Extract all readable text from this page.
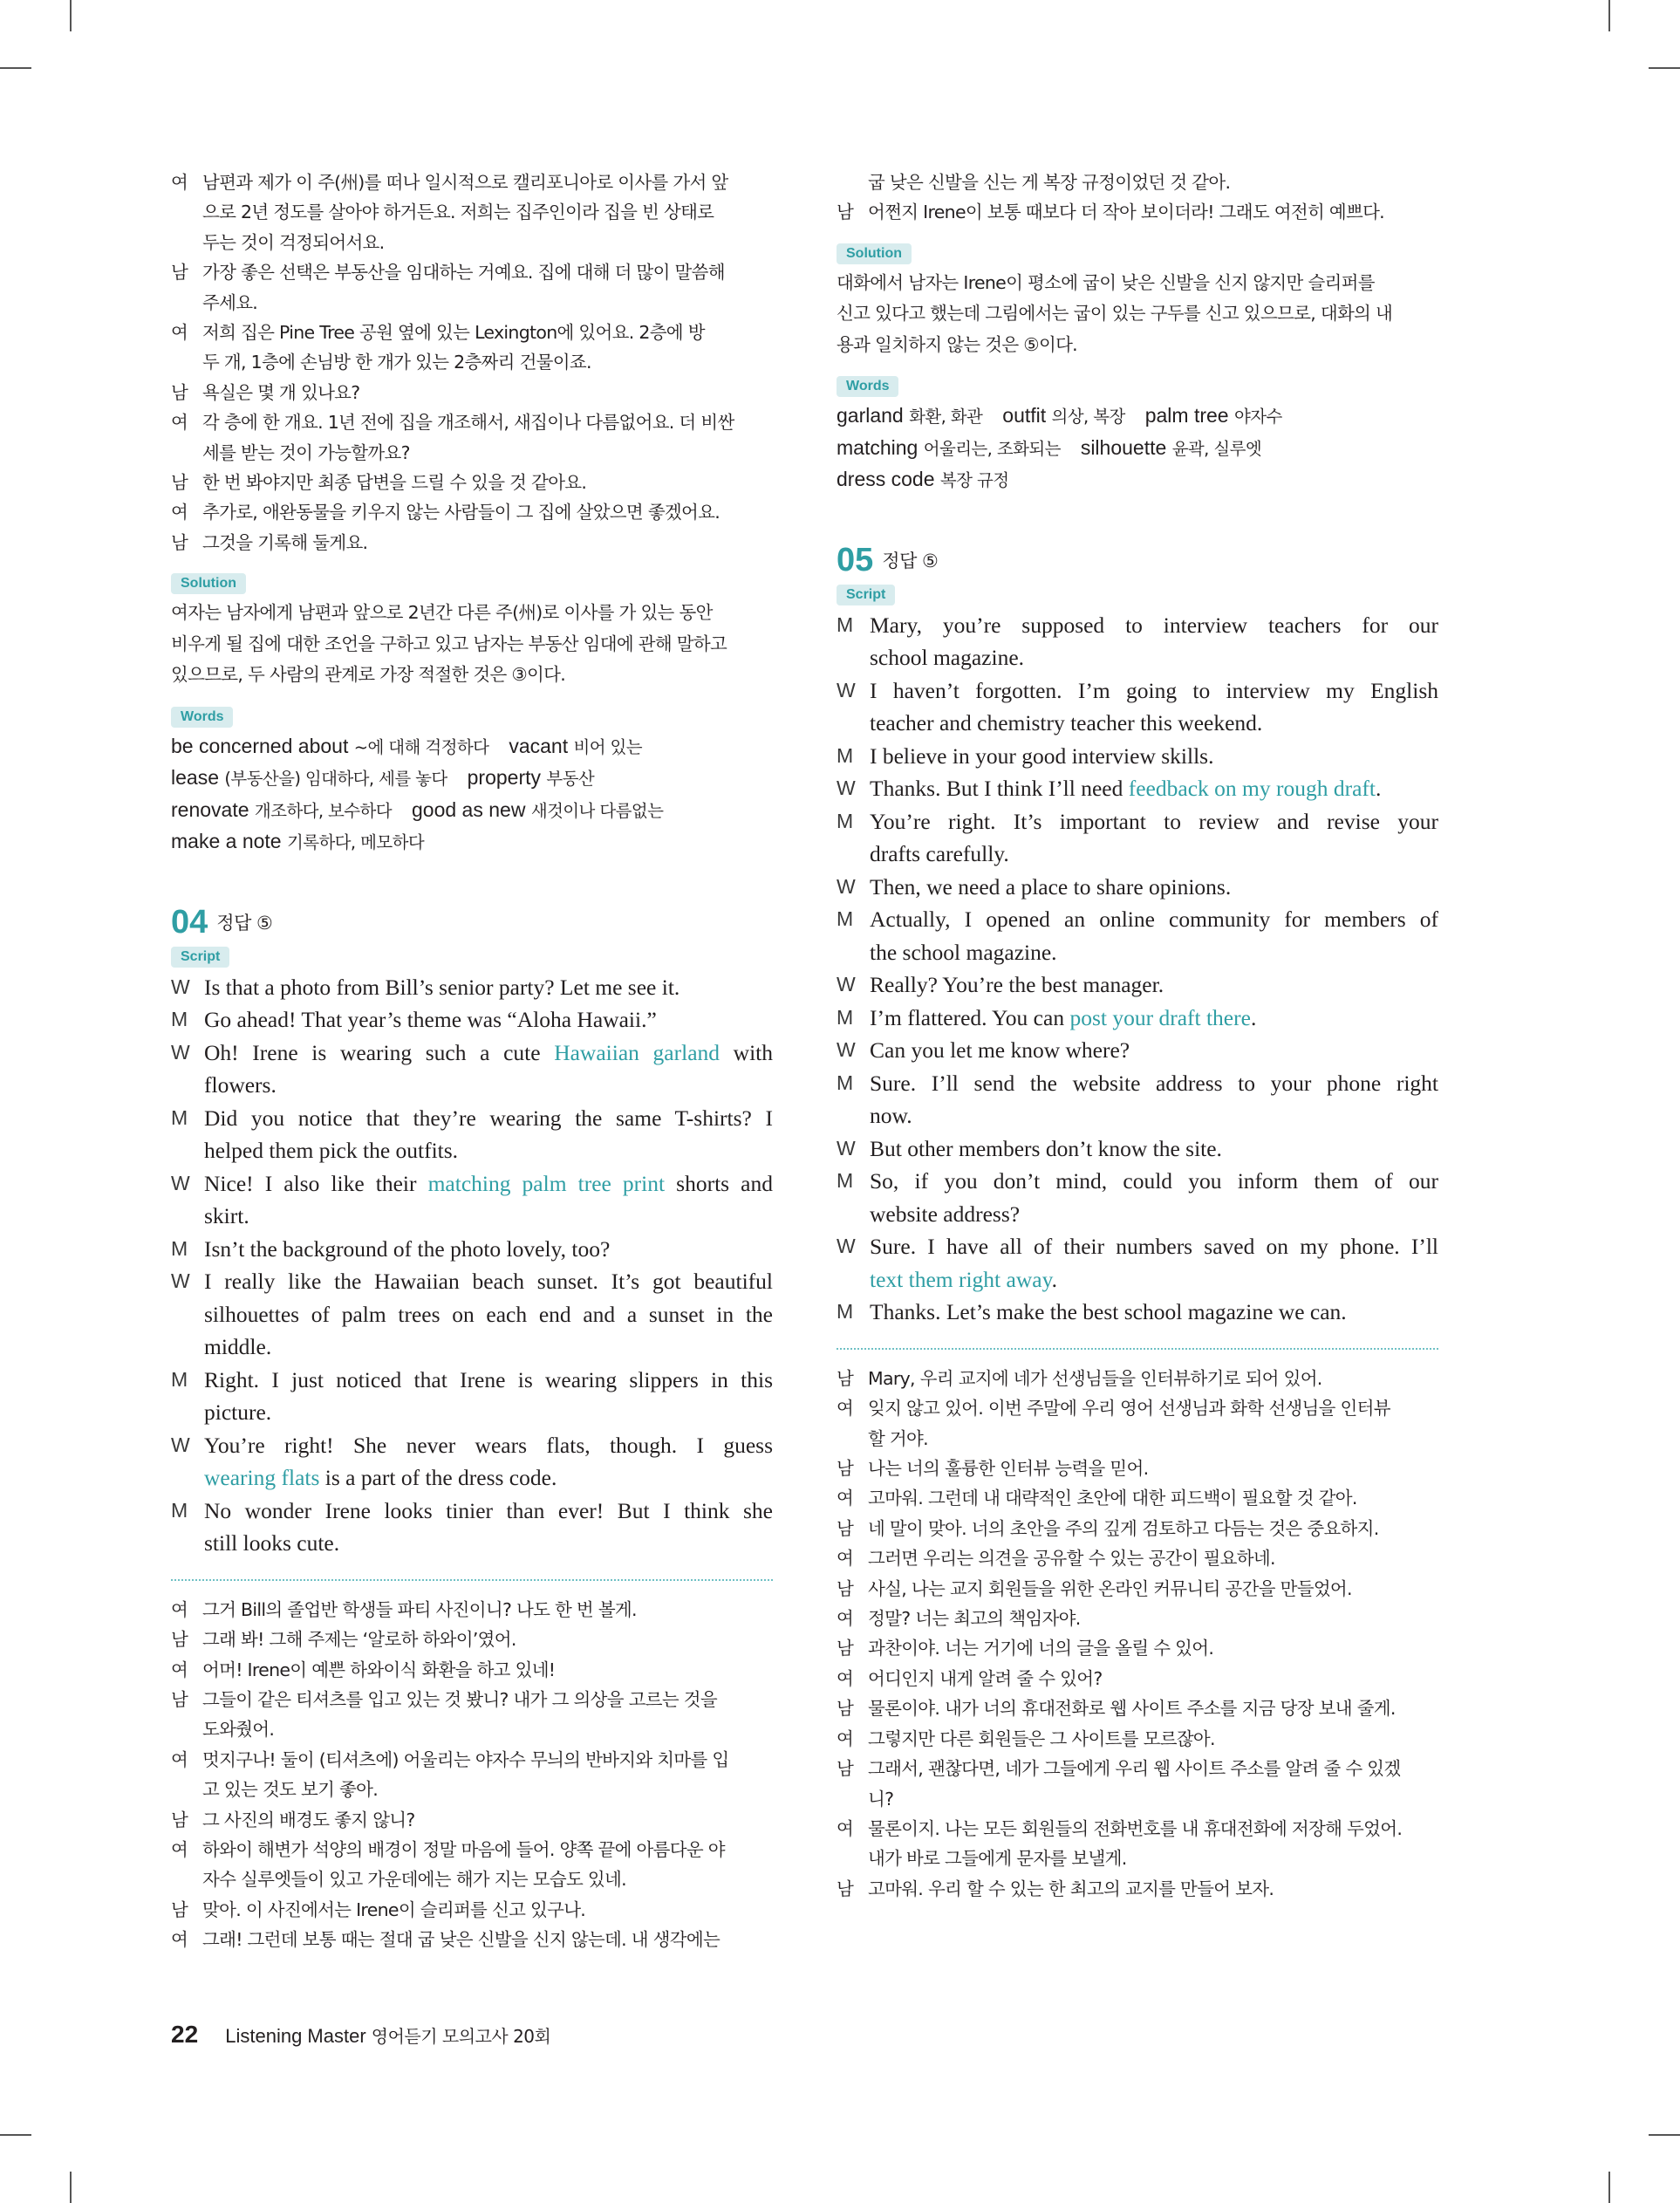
여 남편과 제가 이 주(州)를 떠나 일시적으로 캘리포니아로 이사를 가서 앞
으로 2년 정도를 살아야 하거든요. 저희는 집주인이라 집을 빈 상태로
두는 것이 걱정되어서요.
남 가장 좋은 선택은 부동산을 임대하는 거예요. 집에 대해 더 많이 말씀해
주세요.
여 저희 집은 Pine Tree 공원 옆에 있는 Lexington에 있어요. 2층에 방
두 개, 1층에 손님방 한 개가 있는 2층짜리 건물이죠.
남 욕실은 몇 개 있나요?
여 각 층에 한 개요. 1년 전에 집을 개조해서, 새집이나 다름없어요. 더 비싼
세를 받는 것이 가능할까요?
남 한 번 봐야지만 최종 답변을 드릴 수 있을 것 같아요.
여 추가로, 애완동물을 키우지 않는 사람들이 그 집에 살았으면 좋겠어요.
남 그것을 기록해 둘게요.
Solution
여자는 남자에게 남편과 앞으로 2년간 다른 주(州)로 이사를 가 있는 동안
비우게 될 집에 대한 조언을 구하고 있고 남자는 부동산 임대에 관해 말하고
있으므로, 두 사람의 관계로 가장 적절한 것은 ③이다.
Words
be concerned about ~에 대해 걱정하다  vacant 비어 있는
lease (부동산을) 임대하다, 세를 놓다  property 부동산
renovate 개조하다, 보수하다  good as new 새것이나 다름없는
make a note 기록하다, 메모하다
04 정답 ⑤
Script
W Is that a photo from Bill’s senior party? Let me see it.
M Go ahead! That year’s theme was “Aloha Hawaii.”
W Oh! Irene is wearing such a cute Hawaiian garland with
flowers.
M Did you notice that they’re wearing the same T-shirts? I
helped them pick the outfits.
W Nice! I also like their matching palm tree print shorts and
skirt.
M Isn’t the background of the photo lovely, too?
W I really like the Hawaiian beach sunset. It’s got beautiful
silhouettes of palm trees on each end and a sunset in the
middle.
M Right. I just noticed that Irene is wearing slippers in this
picture.
W You’re right! She never wears flats, though. I guess
wearing flats is a part of the dress code.
M No wonder Irene looks tinier than ever! But I think she
still looks cute.
여 그거 Bill의 졸업반 학생들 파티 사진이니? 나도 한 번 볼게.
남 그래 봐! 그해 주제는 ‘알로하 하와이’였어.
여 어머! Irene이 예쁜 하와이식 화환을 하고 있네!
남 그들이 같은 티셔츠를 입고 있는 것 봤니? 내가 그 의상을 고르는 것을
도와줬어.
여 멋지구나! 둘이 (티셔츠에) 어울리는 야자수 무늬의 반바지와 치마를 입
고 있는 것도 보기 좋아.
남 그 사진의 배경도 좋지 않니?
여 하와이 해변가 석양의 배경이 정말 마음에 들어. 양쪽 끝에 아름다운 야
자수 실루엣들이 있고 가운데에는 해가 지는 모습도 있네.
남 맞아. 이 사진에서는 Irene이 슬리퍼를 신고 있구나.
여 그래! 그런데 보통 때는 절대 굽 낮은 신발을 신지 않는데. 내 생각에는
굽 낮은 신발을 신는 게 복장 규정이었던 것 같아.
남 어쩐지 Irene이 보통 때보다 더 작아 보이더라! 그래도 여전히 예쁘다.
Solution
대화에서 남자는 Irene이 평소에 굽이 낮은 신발을 신지 않지만 슬리퍼를
신고 있다고 했는데 그림에서는 굽이 있는 구두를 신고 있으므로, 대화의 내
용과 일치하지 않는 것은 ⑤이다.
Words
garland 화환, 화관  outfit 의상, 복장  palm tree 야자수
matching 어울리는, 조화되는  silhouette 윤곽, 실루엣
dress code 복장 규정
05 정답 ⑤
Script
M Mary, you’re supposed to interview teachers for our
school magazine.
W I haven’t forgotten. I’m going to interview my English
teacher and chemistry teacher this weekend.
M I believe in your good interview skills.
W Thanks. But I think I’ll need feedback on my rough draft.
M You’re right. It’s important to review and revise your
drafts carefully.
W Then, we need a place to share opinions.
M Actually, I opened an online community for members of
the school magazine.
W Really? You’re the best manager.
M I’m flattered. You can post your draft there.
W Can you let me know where?
M Sure. I’ll send the website address to your phone right
now.
W But other members don’t know the site.
M So, if you don’t mind, could you inform them of our
website address?
W Sure. I have all of their numbers saved on my phone. I’ll
text them right away.
M Thanks. Let’s make the best school magazine we can.
남 Mary, 우리 교지에 네가 선생님들을 인터뷰하기로 되어 있어.
여 잊지 않고 있어. 이번 주말에 우리 영어 선생님과 화학 선생님을 인터뷰
할 거야.
남 나는 너의 훌륭한 인터뷰 능력을 믿어.
여 고마워. 그런데 내 대략적인 초안에 대한 피드백이 필요할 것 같아.
남 네 말이 맞아. 너의 초안을 주의 깊게 검토하고 다듬는 것은 중요하지.
여 그러면 우리는 의견을 공유할 수 있는 공간이 필요하네.
남 사실, 나는 교지 회원들을 위한 온라인 커뮤니티 공간을 만들었어.
여 정말? 너는 최고의 책임자야.
남 과찬이야. 너는 거기에 너의 글을 올릴 수 있어.
여 어디인지 내게 알려 줄 수 있어?
남 물론이야. 내가 너의 휴대전화로 웹 사이트 주소를 지금 당장 보내 줄게.
여 그렇지만 다른 회원들은 그 사이트를 모르잖아.
남 그래서, 괜찮다면, 네가 그들에게 우리 웹 사이트 주소를 알려 줄 수 있겠
니?
여 물론이지. 나는 모든 회원들의 전화번호를 내 휴대전화에 저장해 두었어.
내가 바로 그들에게 문자를 보낼게.
남 고마워. 우리 할 수 있는 한 최고의 교지를 만들어 보자.
22 Listening Master 영어듣기 모의고사 20회
